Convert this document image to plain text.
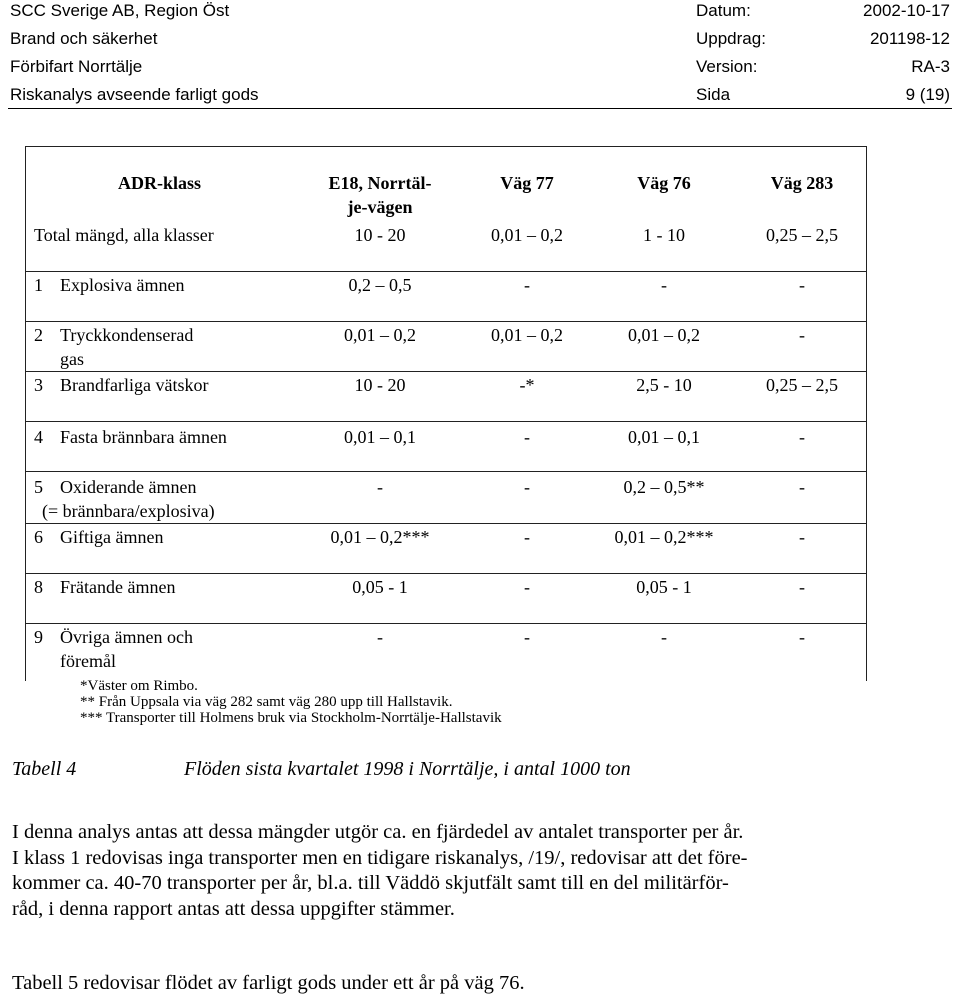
SCC Sverige AB, Region Öst	Datum:	2002-10-17
Brand och säkerhet	Uppdrag:	201198-12
Förbifart Norrtälje	Version:	RA-3
Riskanalys avseende farligt gods	Sida	9 (19)
ADR-klass	E18, Norrtäl-
je-vägen
Väg 77	Väg 76	Väg 283
Total mängd, alla klasser	10 - 20	0,01 – 0,2	1 - 10	0,25 – 2,5
1 Explosiva ämnen	0,2 – 0,5	-	-	-
2 Tryckkondenserad
gas
0,01 – 0,2	0,01 – 0,2	0,01 – 0,2	-
3 Brandfarliga vätskor	10 - 20	-*	2,5 - 10	0,25 – 2,5
4 Fasta brännbara ämnen	0,01 – 0,1	-	0,01 – 0,1	-
5 Oxiderande ämnen
(= brännbara/explosiva)
-	-	0,2 – 0,5**	-
6 Giftiga ämnen	0,01 – 0,2***	-	0,01 – 0,2***	-
8 Frätande ämnen	0,05 - 1	-	0,05 - 1	-
9 Övriga ämnen och
föremål
-	-	-	-
*Väster om Rimbo.
** Från Uppsala via väg 282 samt väg 280 upp till Hallstavik.
*** Transporter till Holmens bruk via Stockholm-Norrtälje-Hallstavik
Tabell 4	Flöden sista kvartalet 1998 i Norrtälje, i antal 1000 ton

I denna analys antas att dessa mängder utgör ca. en fjärdedel av antalet transporter per år.

I klass 1 redovisas inga transporter men en tidigare riskanalys, /19/, redovisar att det före-

kommer ca. 40-70 transporter per år, bl.a. till Väddö skjutfält samt till en del militärför-

råd, i denna rapport antas att dessa uppgifter stämmer.

Tabell 5 redovisar flödet av farligt gods under ett år på väg 76.
